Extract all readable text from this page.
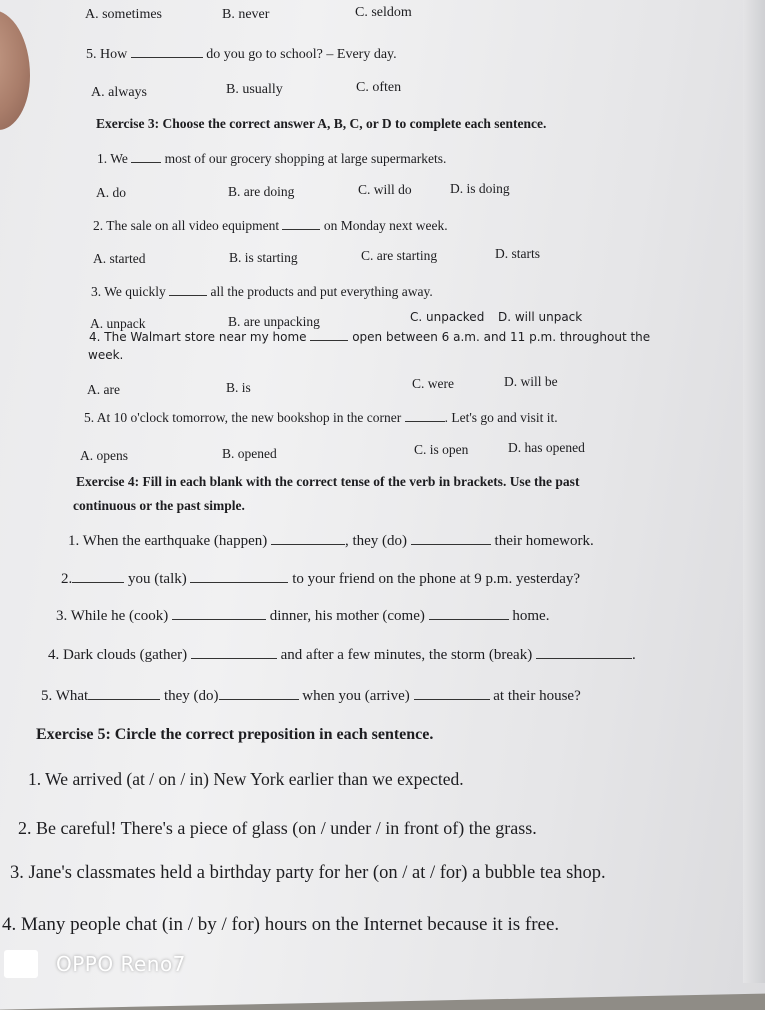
A. sometimes	B. never	C. seldom
5. How	do you go to school? – Every day.
A. always	B. usually	C. often
Exercise 3: Choose the correct answer A, B, C, or D to complete each sentence.
1. We	most of our grocery shopping at large supermarkets.
A. do	B. are doing	C. will do	D. is doing
2. The sale on all video equipment	on Monday next week.
A. started	B. is starting	C. are starting	D. starts
3. We quickly	all the products and put everything away.
A. unpack	B. are unpacking	C. unpacked D. will unpack
4. The Walmart store near my home	open between 6 a.m. and 11 p.m. throughout the
week.
A. are	B. is	C. were	D. will be
5. At 10 o'clock tomorrow, the new bookshop in the corner	. Let's go and visit it.
A. opens	B. opened	C. is open	D. has opened
Exercise 4: Fill in each blank with the correct tense of the verb in brackets. Use the past
continuous or the past simple.
1. When the earthquake (happen)	, they (do)	their homework.
2.	you (talk)	to your friend on the phone at 9 p.m. yesterday?
3. While he (cook)	dinner, his mother (come)	home.
4. Dark clouds (gather)	and after a few minutes, the storm (break)	.
5. What	they (do)	when you (arrive)	at their house?
Exercise 5: Circle the correct preposition in each sentence.
1. We arrived (at / on / in) New York earlier than we expected.
2. Be careful! There's a piece of glass (on / under / in front of) the grass.
3. Jane's classmates held a birthday party for her (on / at / for) a bubble tea shop.
4. Many people chat (in / by / for) hours on the Internet because it is free.
OPPO Reno7
